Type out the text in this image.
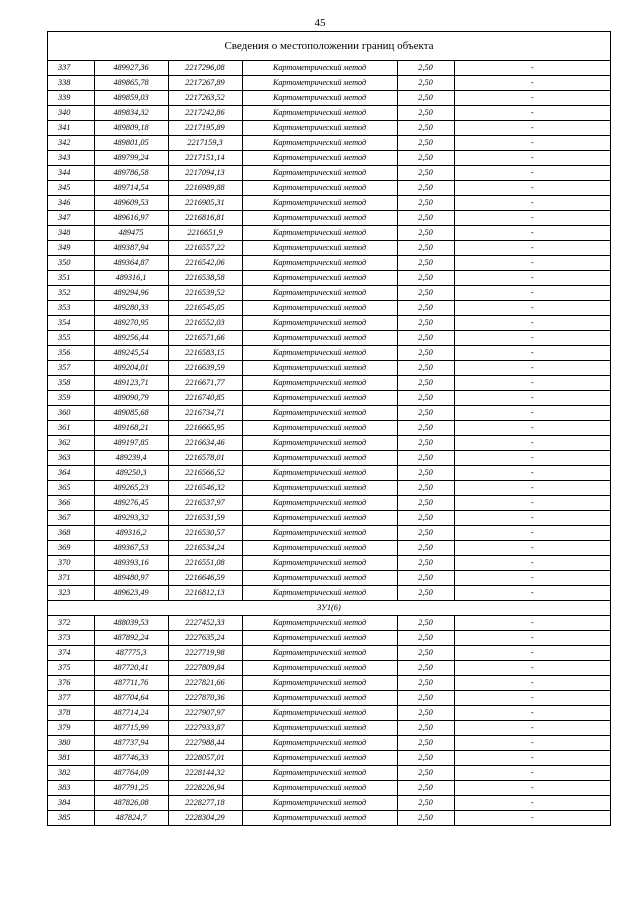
45
Сведения о местоположении границ объекта
337	489927,36	2217296,08	Картометрический метод	2,50	-
338	489865,78	2217267,89	Картометрический метод	2,50	-
339	489859,03	2217263,52	Картометрический метод	2,50	-
340	489834,32	2217242,86	Картометрический метод	2,50	-
341	489809,18	2217195,89	Картометрический метод	2,50	-
342	489801,05	2217159,3	Картометрический метод	2,50	-
343	489799,24	2217151,14	Картометрический метод	2,50	-
344	489786,58	2217094,13	Картометрический метод	2,50	-
345	489714,54	2216989,88	Картометрический метод	2,50	-
346	489609,53	2216905,31	Картометрический метод	2,50	-
347	489616,97	2216816,81	Картометрический метод	2,50	-
348	489475	2216651,9	Картометрический метод	2,50	-
349	489387,94	2216557,22	Картометрический метод	2,50	-
350	489364,87	2216542,06	Картометрический метод	2,50	-
351	489316,1	2216538,58	Картометрический метод	2,50	-
352	489294,96	2216539,52	Картометрический метод	2,50	-
353	489280,33	2216545,05	Картометрический метод	2,50	-
354	489270,95	2216552,03	Картометрический метод	2,50	-
355	489256,44	2216571,66	Картометрический метод	2,50	-
356	489245,54	2216583,15	Картометрический метод	2,50	-
357	489204,01	2216639,59	Картометрический метод	2,50	-
358	489123,71	2216671,77	Картометрический метод	2,50	-
359	489090,79	2216740,85	Картометрический метод	2,50	-
360	489085,68	2216734,71	Картометрический метод	2,50	-
361	489168,21	2216665,95	Картометрический метод	2,50	-
362	489197,85	2216634,46	Картометрический метод	2,50	-
363	489239,4	2216578,01	Картометрический метод	2,50	-
364	489250,3	2216566,52	Картометрический метод	2,50	-
365	489265,23	2216546,32	Картометрический метод	2,50	-
366	489276,45	2216537,97	Картометрический метод	2,50	-
367	489293,32	2216531,59	Картометрический метод	2,50	-
368	489316,2	2216530,57	Картометрический метод	2,50	-
369	489367,53	2216534,24	Картометрический метод	2,50	-
370	489393,16	2216551,08	Картометрический метод	2,50	-
371	489480,97	2216646,59	Картометрический метод	2,50	-
323	489623,49	2216812,13	Картометрический метод	2,50	-
ЗУ1(6)					
372	488039,53	2227452,33	Картометрический метод	2,50	-
373	487892,24	2227635,24	Картометрический метод	2,50	-
374	487775,3	2227719,98	Картометрический метод	2,50	-
375	487720,41	2227809,84	Картометрический метод	2,50	-
376	487711,76	2227821,66	Картометрический метод	2,50	-
377	487704,64	2227870,36	Картометрический метод	2,50	-
378	487714,24	2227907,97	Картометрический метод	2,50	-
379	487715,99	2227933,87	Картометрический метод	2,50	-
380	487737,94	2227988,44	Картометрический метод	2,50	-
381	487746,33	2228057,01	Картометрический метод	2,50	-
382	487764,09	2228144,32	Картометрический метод	2,50	-
383	487791,25	2228226,94	Картометрический метод	2,50	-
384	487826,08	2228277,18	Картометрический метод	2,50	-
385	487824,7	2228304,29	Картометрический метод	2,50	-
